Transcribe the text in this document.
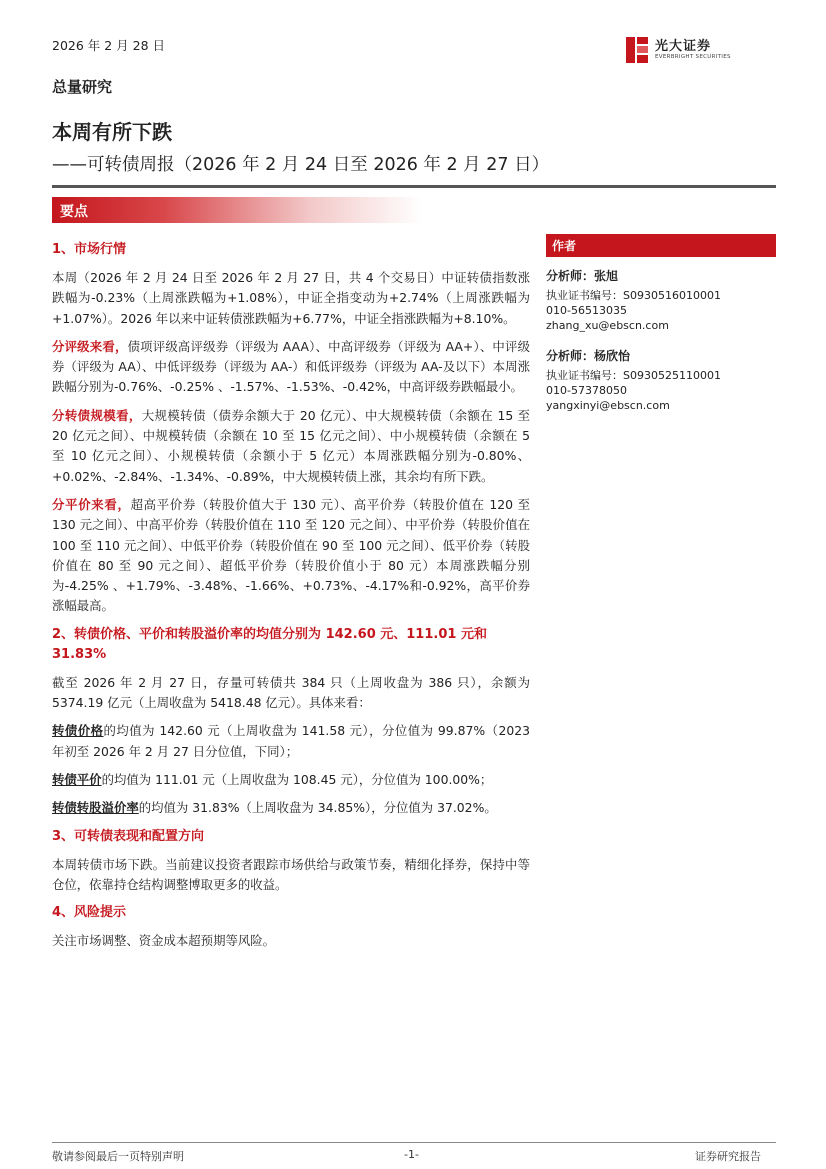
2026 年 2 月 28 日	光大证券
EVERBRIGHT SECURITIES
总量研究
本周有所下跌
——可转债周报（2026 年 2 月 24 日至 2026 年 2 月 27 日）
要点
1、市场行情
本周（2026 年 2 月 24 日至 2026 年 2 月 27 日，共 4 个交易日）中证转债指数涨跌幅为-0.23%（上周涨跌幅为+1.08%），中证全指变动为+2.74%（上周涨跌幅为+1.07%）。2026 年以来中证转债涨跌幅为+6.77%，中证全指涨跌幅为+8.10%。
分评级来看，债项评级高评级券（评级为 AAA）、中高评级券（评级为 AA+）、中评级券（评级为 AA）、中低评级券（评级为 AA-）和低评级券（评级为 AA-及以下）本周涨跌幅分别为-0.76%、-0.25% 、-1.57%、-1.53%、-0.42%，中高评级券跌幅最小。
分转债规模看，大规模转债（债券余额大于 20 亿元）、中大规模转债（余额在 15 至 20 亿元之间）、中规模转债（余额在 10 至 15 亿元之间）、中小规模转债（余额在 5 至 10 亿元之间）、小规模转债（余额小于 5 亿元）本周涨跌幅分别为-0.80%、+0.02%、-2.84%、-1.34%、-0.89%，中大规模转债上涨，其余均有所下跌。
分平价来看，超高平价券（转股价值大于 130 元）、高平价券（转股价值在 120 至 130 元之间）、中高平价券（转股价值在 110 至 120 元之间）、中平价券（转股价值在 100 至 110 元之间）、中低平价券（转股价值在 90 至 100 元之间）、低平价券（转股价值在 80 至 90 元之间）、超低平价券（转股价值小于 80 元）本周涨跌幅分别为-4.25% 、+1.79%、-3.48%、-1.66%、+0.73%、-4.17%和-0.92%，高平价券涨幅最高。
2、转债价格、平价和转股溢价率的均值分别为 142.60 元、111.01 元和 31.83%
截至 2026 年 2 月 27 日，存量可转债共 384 只（上周收盘为 386 只），余额为 5374.19 亿元（上周收盘为 5418.48 亿元）。具体来看：
转债价格的均值为 142.60 元（上周收盘为 141.58 元），分位值为 99.87%（2023 年初至 2026 年 2 月 27 日分位值，下同）；
转债平价的均值为 111.01 元（上周收盘为 108.45 元），分位值为 100.00%；
转债转股溢价率的均值为 31.83%（上周收盘为 34.85%），分位值为 37.02%。
3、可转债表现和配置方向
本周转债市场下跌。当前建议投资者跟踪市场供给与政策节奏，精细化择券，保持中等仓位，依靠持仓结构调整博取更多的收益。
4、风险提示
关注市场调整、资金成本超预期等风险。
作者
分析师：张旭
执业证书编号：S0930516010001
010-56513035
zhang_xu@ebscn.com
分析师：杨欣怡
执业证书编号：S0930525110001
010-57378050
yangxinyi@ebscn.com
敬请参阅最后一页特别声明	-1-	证券研究报告
